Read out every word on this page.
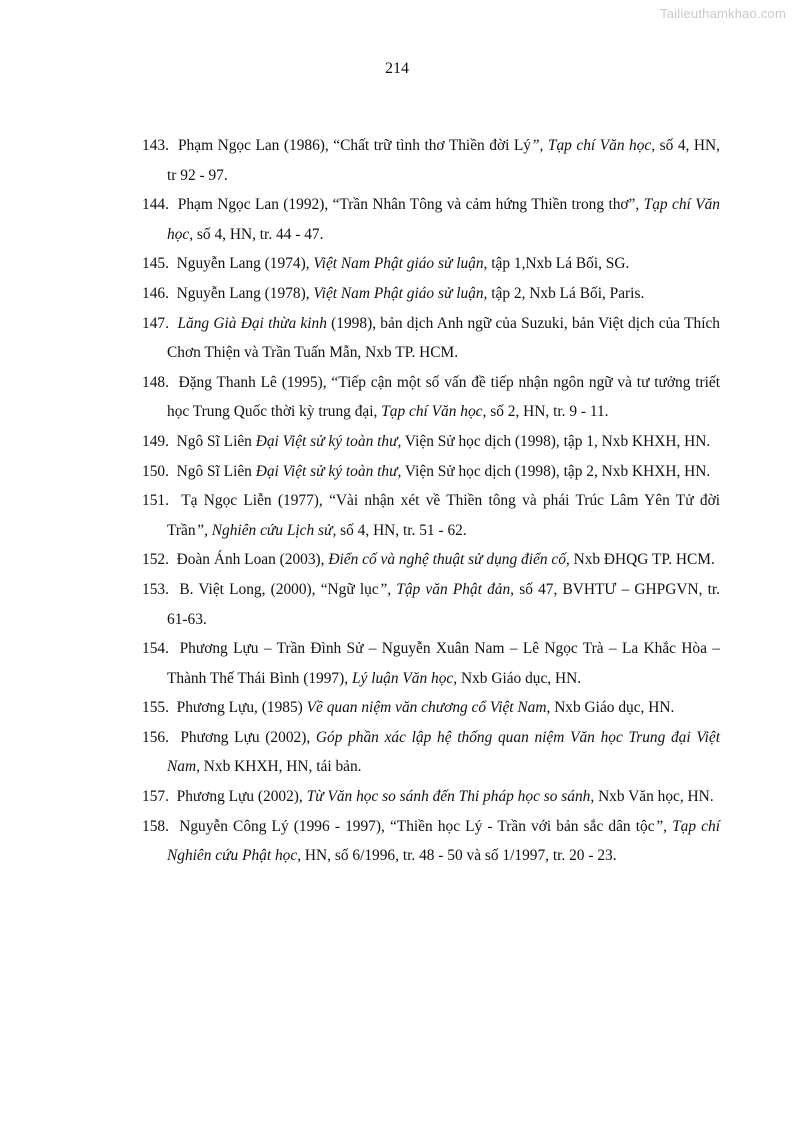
Tailieuthamkhao.com
214
143. Phạm Ngọc Lan (1986), “Chất trữ tình thơ Thiền đời Lý”, Tạp chí Văn học, số 4, HN, tr 92 - 97.
144. Phạm Ngọc Lan (1992), “Trần Nhân Tông và cảm hứng Thiền trong thơ”, Tạp chí Văn học, số 4, HN, tr. 44 - 47.
145. Nguyễn Lang (1974), Việt Nam Phật giáo sử luận, tập 1,Nxb Lá Bối, SG.
146. Nguyễn Lang (1978), Việt Nam Phật giáo sử luận, tập 2, Nxb Lá Bối, Paris.
147. Lăng Già Đại thừa kinh (1998), bản dịch Anh ngữ của Suzuki, bản Việt dịch của Thích Chơn Thiện và Trần Tuấn Mẫn, Nxb TP. HCM.
148. Đặng Thanh Lê (1995), “Tiếp cận một số vấn đề tiếp nhận ngôn ngữ và tư tưởng triết học Trung Quốc thời kỳ trung đại, Tạp chí Văn học, số 2, HN, tr. 9 - 11.
149. Ngô Sĩ Liên Đại Việt sử ký toàn thư, Viện Sử học dịch (1998), tập 1, Nxb KHXH, HN.
150. Ngô Sĩ Liên Đại Việt sử ký toàn thư, Viện Sử học dịch (1998), tập 2, Nxb KHXH, HN.
151. Tạ Ngọc Liễn (1977), “Vài nhận xét về Thiền tông và phái Trúc Lâm Yên Tử đời Trần”, Nghiên cứu Lịch sử, số 4, HN, tr. 51 - 62.
152. Đoàn Ánh Loan (2003), Điển cố và nghệ thuật sử dụng điển cố, Nxb ĐHQG TP. HCM.
153. B. Việt Long, (2000), “Ngữ lục”, Tập văn Phật đản, số 47, BVHTƯ – GHPGVN, tr. 61-63.
154. Phương Lựu – Trần Đình Sử – Nguyễn Xuân Nam – Lê Ngọc Trà – La Khắc Hòa – Thành Thế Thái Bình (1997), Lý luận Văn học, Nxb Giáo dục, HN.
155. Phương Lựu, (1985) Về quan niệm văn chương cổ Việt Nam, Nxb Giáo dục, HN.
156. Phương Lựu (2002), Góp phần xác lập hệ thống quan niệm Văn học Trung đại Việt Nam, Nxb KHXH, HN, tái bản.
157. Phương Lựu (2002), Từ Văn học so sánh đến Thi pháp học so sánh, Nxb Văn học, HN.
158. Nguyễn Công Lý (1996 - 1997), “Thiền học Lý - Trần với bản sắc dân tộc”, Tạp chí Nghiên cứu Phật học, HN, số 6/1996, tr. 48 - 50 và số 1/1997, tr. 20 - 23.
